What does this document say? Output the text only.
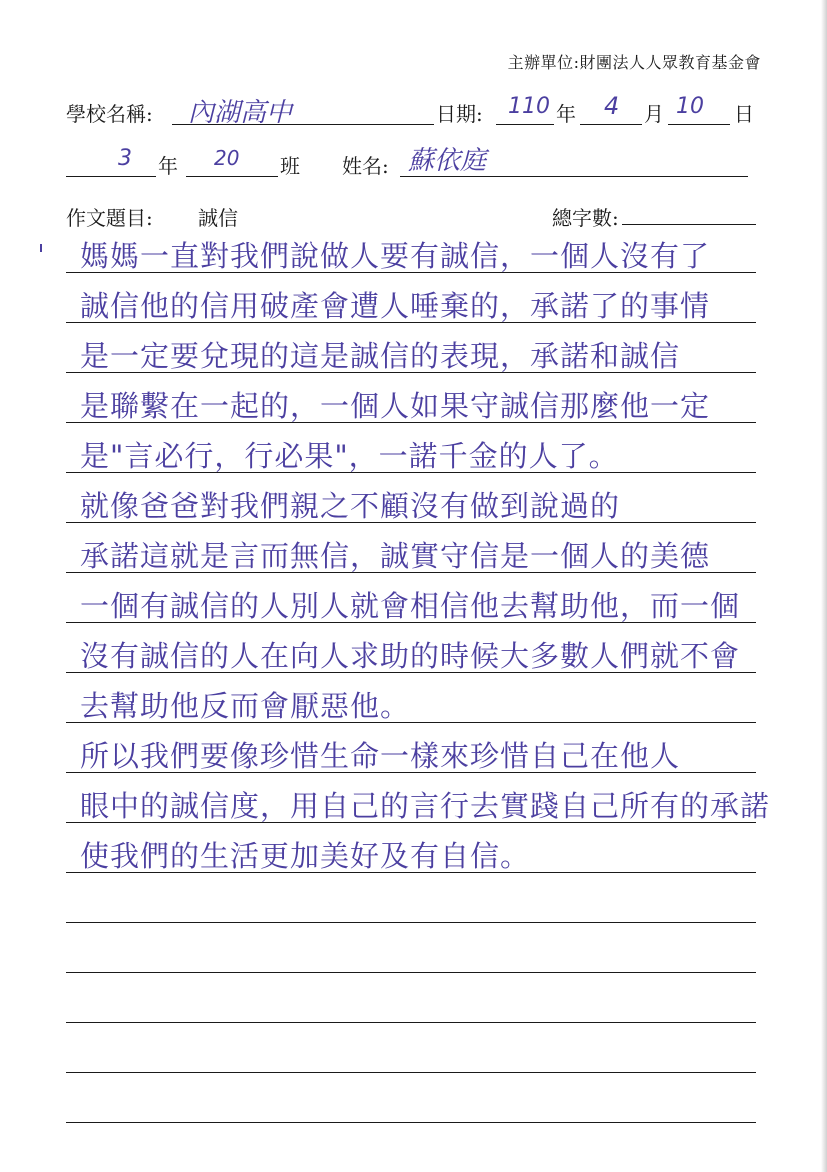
主辦單位:財團法人人眾教育基金會
學校名稱: 內湖高中	日期: 110 年 4 月 10 日
3 年 20 班 姓名: 蘇依庭
作文題目: 誠信	總字數:
媽媽一直對我們說做人要有誠信，一個人沒有了
誠信他的信用破產會遭人唾棄的，承諾了的事情
是一定要兌現的這是誠信的表現，承諾和誠信
是聯繫在一起的，一個人如果守誠信那麼他一定
是"言必行，行必果"，一諾千金的人了。
就像爸爸對我們親之不顧沒有做到說過的
承諾這就是言而無信，誠實守信是一個人的美德
一個有誠信的人別人就會相信他去幫助他，而一個
沒有誠信的人在向人求助的時候大多數人們就不會
去幫助他反而會厭惡他。
所以我們要像珍惜生命一樣來珍惜自己在他人
眼中的誠信度，用自己的言行去實踐自己所有的承諾
使我們的生活更加美好及有自信。
